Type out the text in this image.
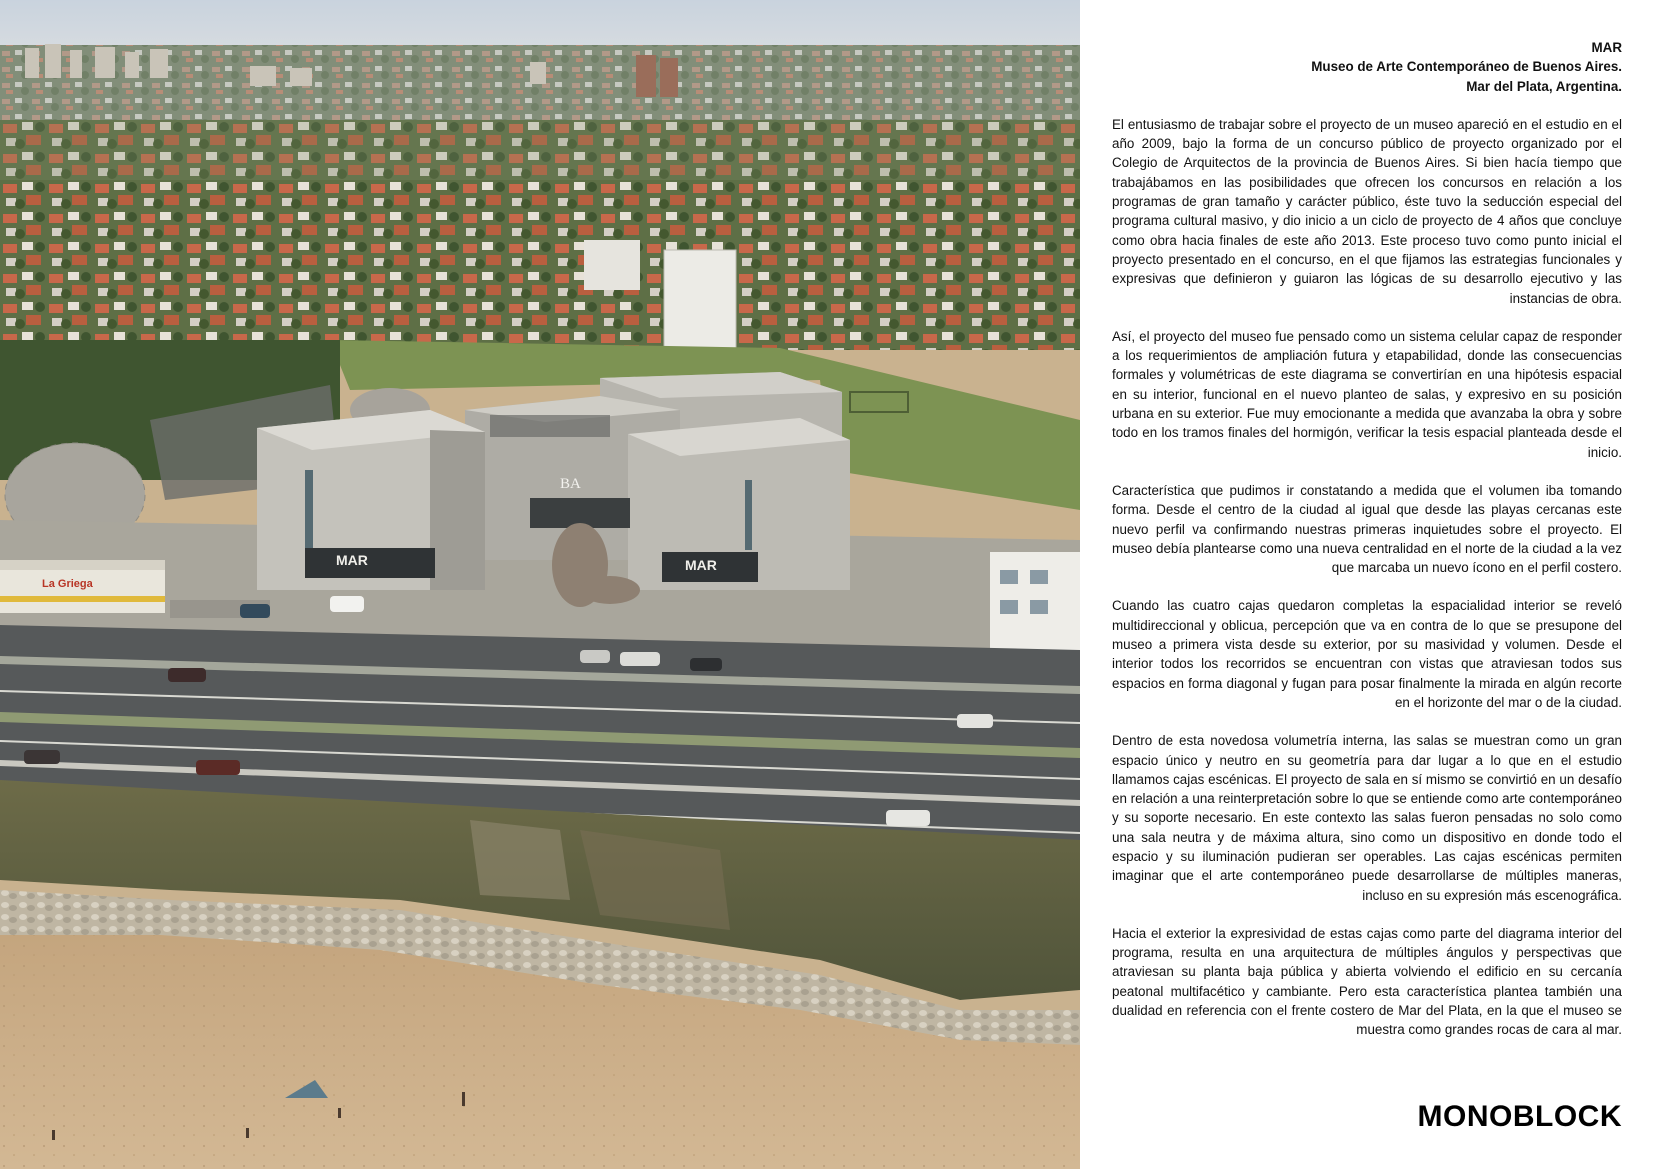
La Griega
BA
MAR	MAR
MAR
Museo de Arte Contemporáneo de Buenos Aires.
Mar del Plata, Argentina.

El entusiasmo de trabajar sobre el proyecto de un museo apareció en el estudio en el año 2009, bajo la forma de un concurso público de proyecto organizado por el Colegio de Arquitectos de la provincia de Buenos Aires. Si bien hacía tiempo que trabajábamos en las posibilidades que ofrecen los concursos en relación a los programas de gran tamaño y carácter público, éste tuvo la seducción especial del programa cultural masivo, y dio inicio a un ciclo de proyecto de 4 años que concluye como obra hacia finales de este año 2013. Este proceso tuvo como punto inicial el proyecto presentado en el concurso, en el que fijamos las estrategias funcionales y expresivas que definieron y guiaron las lógicas de su desarrollo ejecutivo y las instancias de obra.

Así, el proyecto del museo fue pensado como un sistema celular capaz de responder a los requerimientos de ampliación futura y etapabilidad, donde las consecuencias formales y volumétricas de este diagrama se convertirían en una hipótesis espacial en su interior, funcional en el nuevo planteo de salas, y expresivo en su posición urbana en su exterior. Fue muy emocionante a medida que avanzaba la obra y sobre todo en los tramos finales del hormigón, verificar la tesis espacial planteada desde el inicio.

Característica que pudimos ir constatando a medida que el volumen iba tomando forma. Desde el centro de la ciudad al igual que desde las playas cercanas este nuevo perfil va confirmando nuestras primeras inquietudes sobre el proyecto. El museo debía plantearse como una nueva centralidad en el norte de la ciudad a la vez que marcaba un nuevo ícono en el perfil costero.

Cuando las cuatro cajas quedaron completas la espacialidad interior se reveló multidireccional y oblicua, percepción que va en contra de lo que se presupone del museo a primera vista desde su exterior, por su masividad y volumen. Desde el interior todos los recorridos se encuentran con vistas que atraviesan todos sus espacios en forma diagonal y fugan para posar finalmente la mirada en algún recorte en el horizonte del mar o de la ciudad.

Dentro de esta novedosa volumetría interna, las salas se muestran como un gran espacio único y neutro en su geometría para dar lugar a lo que en el estudio llamamos cajas escénicas. El proyecto de sala en sí mismo se convirtió en un desafío en relación a una reinterpretación sobre lo que se entiende como arte contemporáneo y su soporte necesario. En este contexto las salas fueron pensadas no solo como una sala neutra y de máxima altura, sino como un dispositivo en donde todo el espacio y su iluminación pudieran ser operables. Las cajas escénicas permiten imaginar que el arte contemporáneo puede desarrollarse de múltiples maneras, incluso en su expresión más escenográfica.

Hacia el exterior la expresividad de estas cajas como parte del diagrama interior del programa, resulta en una arquitectura de múltiples ángulos y perspectivas que atraviesan su planta baja pública y abierta volviendo el edificio en su cercanía peatonal multifacético y cambiante. Pero esta característica plantea también una dualidad en referencia con el frente costero de Mar del Plata, en la que el museo se muestra como grandes rocas de cara al mar.

MONOBLOCK
